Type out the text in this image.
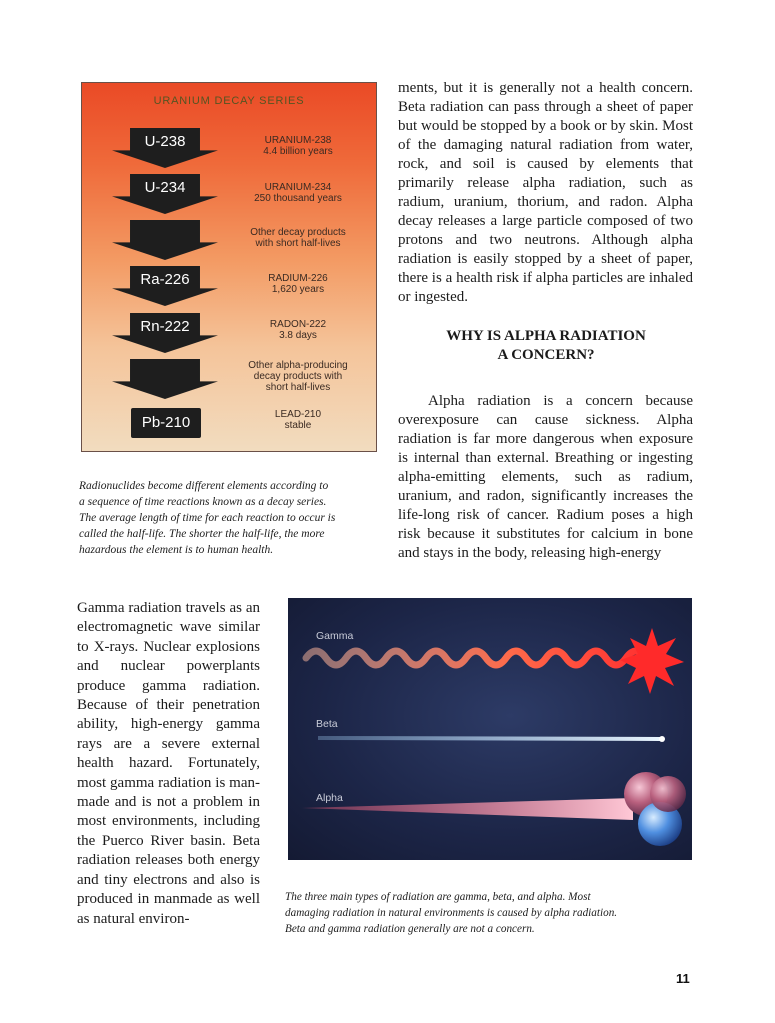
URANIUM DECAY SERIES
U-238	URANIUM-238
4.4 billion years
U-234	URANIUM-234
250 thousand years
Other decay products
with short half-lives
Ra-226	RADIUM-226
1,620 years
Rn-222	RADON-222
3.8 days
Other alpha-producing
decay products with
short half-lives
Pb-210	LEAD-210
stable
Radionuclides become different elements according to
a sequence of time reactions known as a decay series.
The average length of time for each reaction to occur is
called the half-life. The shorter the half-life, the more
hazardous the element is to human health.
ments, but it is generally not a health concern. Beta radiation can pass through a sheet of paper but would be stopped by a book or by skin. Most of the damaging natural radiation from water, rock, and soil is caused by elements that primarily release alpha radiation, such as radium, uranium, thorium, and radon. Alpha decay releases a large particle composed of two protons and two neutrons. Although alpha radiation is easily stopped by a sheet of paper, there is a health risk if alpha particles are inhaled or ingested.
WHY IS ALPHA RADIATION
A CONCERN?
Alpha radiation is a concern because overexposure can cause sickness. Alpha radiation is far more dangerous when exposure is internal than external. Breathing or ingesting alpha-emitting elements, such as radium, uranium, and radon, significantly increases the life-long risk of cancer. Radium poses a high risk because it substitutes for calcium in bone and stays in the body, releasing high-energy
Gamma radiation travels as an electromagnetic wave similar to X-rays. Nuclear explosions and nuclear powerplants produce gamma radiation. Because of their penetration ability, high-energy gamma rays are a severe external health hazard. Fortunately, most gamma radiation is man-made and is not a problem in most environments, including the Puerco River basin. Beta radiation releases both energy and tiny electrons and also is produced in manmade as well as natural environ-
Gamma
Beta
Alpha
The three main types of radiation are gamma, beta, and alpha. Most
damaging radiation in natural environments is caused by alpha radiation.
Beta and gamma radiation generally are not a concern.
11
